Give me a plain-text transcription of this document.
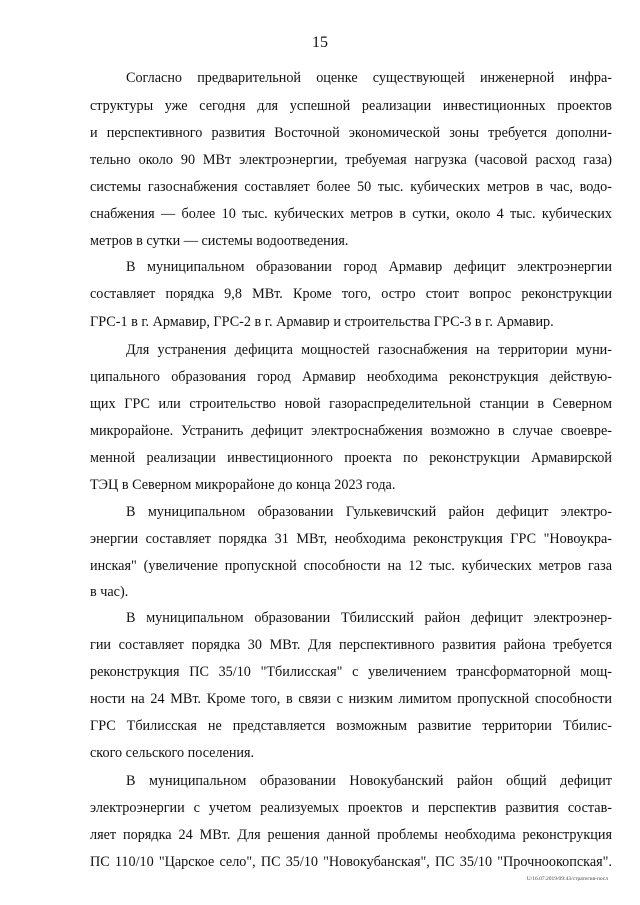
15
Согласно предварительной оценке существующей инженерной инфра-
структуры уже сегодня для успешной реализации инвестиционных проектов
и перспективного развития Восточной экономической зоны требуется дополни-
тельно около 90 МВт электроэнергии, требуемая нагрузка (часовой расход газа)
системы газоснабжения составляет более 50 тыс. кубических метров в час, водо-
снабжения — более 10 тыс. кубических метров в сутки, около 4 тыс. кубических
метров в сутки — системы водоотведения.
В муниципальном образовании город Армавир дефицит электроэнергии
составляет порядка 9,8 МВт. Кроме того, остро стоит вопрос реконструкции
ГРС-1 в г. Армавир, ГРС-2 в г. Армавир и строительства ГРС-3 в г. Армавир.
Для устранения дефицита мощностей газоснабжения на территории муни-
ципального образования город Армавир необходима реконструкция действую-
щих ГРС или строительство новой газораспределительной станции в Северном
микрорайоне. Устранить дефицит электроснабжения возможно в случае своевре-
менной реализации инвестиционного проекта по реконструкции Армавирской
ТЭЦ в Северном микрорайоне до конца 2023 года.
В муниципальном образовании Гулькевичский район дефицит электро-
энергии составляет порядка 31 МВт, необходима реконструкция ГРС "Новоукра-
инская" (увеличение пропускной способности на 12 тыс. кубических метров газа
в час).
В муниципальном образовании Тбилисский район дефицит электроэнер-
гии составляет порядка 30 МВт. Для перспективного развития района требуется
реконструкция ПС 35/10 "Тбилисская" с увеличением трансформаторной мощ-
ности на 24 МВт. Кроме того, в связи с низким лимитом пропускной способности
ГРС Тбилисская не представляется возможным развитие территории Тбилис-
ского сельского поселения.
В муниципальном образовании Новокубанский район общий дефицит
электроэнергии с учетом реализуемых проектов и перспектив развития состав-
ляет порядка 24 МВт. Для решения данной проблемы необходима реконструкция
ПС 110/10 "Царское село", ПС 35/10 "Новокубанская", ПС 35/10 "Прочноокопская".
U/16.07.2019/09:43/стратегия-посл
